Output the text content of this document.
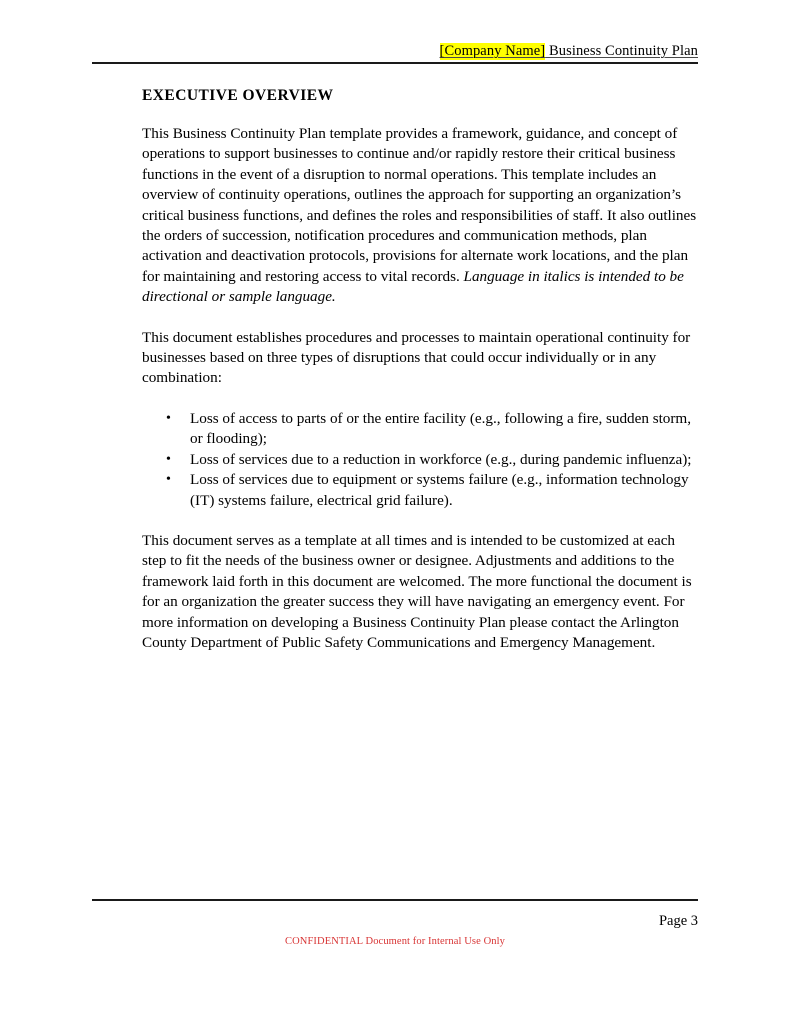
[Company Name] Business Continuity Plan
EXECUTIVE OVERVIEW

This Business Continuity Plan template provides a framework, guidance, and concept of operations to support businesses to continue and/or rapidly restore their critical business functions in the event of a disruption to normal operations. This template includes an overview of continuity operations, outlines the approach for supporting an organization’s critical business functions, and defines the roles and responsibilities of staff. It also outlines the orders of succession, notification procedures and communication methods, plan activation and deactivation protocols, provisions for alternate work locations, and the plan for maintaining and restoring access to vital records. Language in italics is intended to be directional or sample language.

This document establishes procedures and processes to maintain operational continuity for businesses based on three types of disruptions that could occur individually or in any combination:

• Loss of access to parts of or the entire facility (e.g., following a fire, sudden storm, or flooding);
• Loss of services due to a reduction in workforce (e.g., during pandemic influenza);
• Loss of services due to equipment or systems failure (e.g., information technology (IT) systems failure, electrical grid failure).

This document serves as a template at all times and is intended to be customized at each step to fit the needs of the business owner or designee. Adjustments and additions to the framework laid forth in this document are welcomed. The more functional the document is for an organization the greater success they will have navigating an emergency event. For more information on developing a Business Continuity Plan please contact the Arlington County Department of Public Safety Communications and Emergency Management.

Page 3
CONFIDENTIAL Document for Internal Use Only
